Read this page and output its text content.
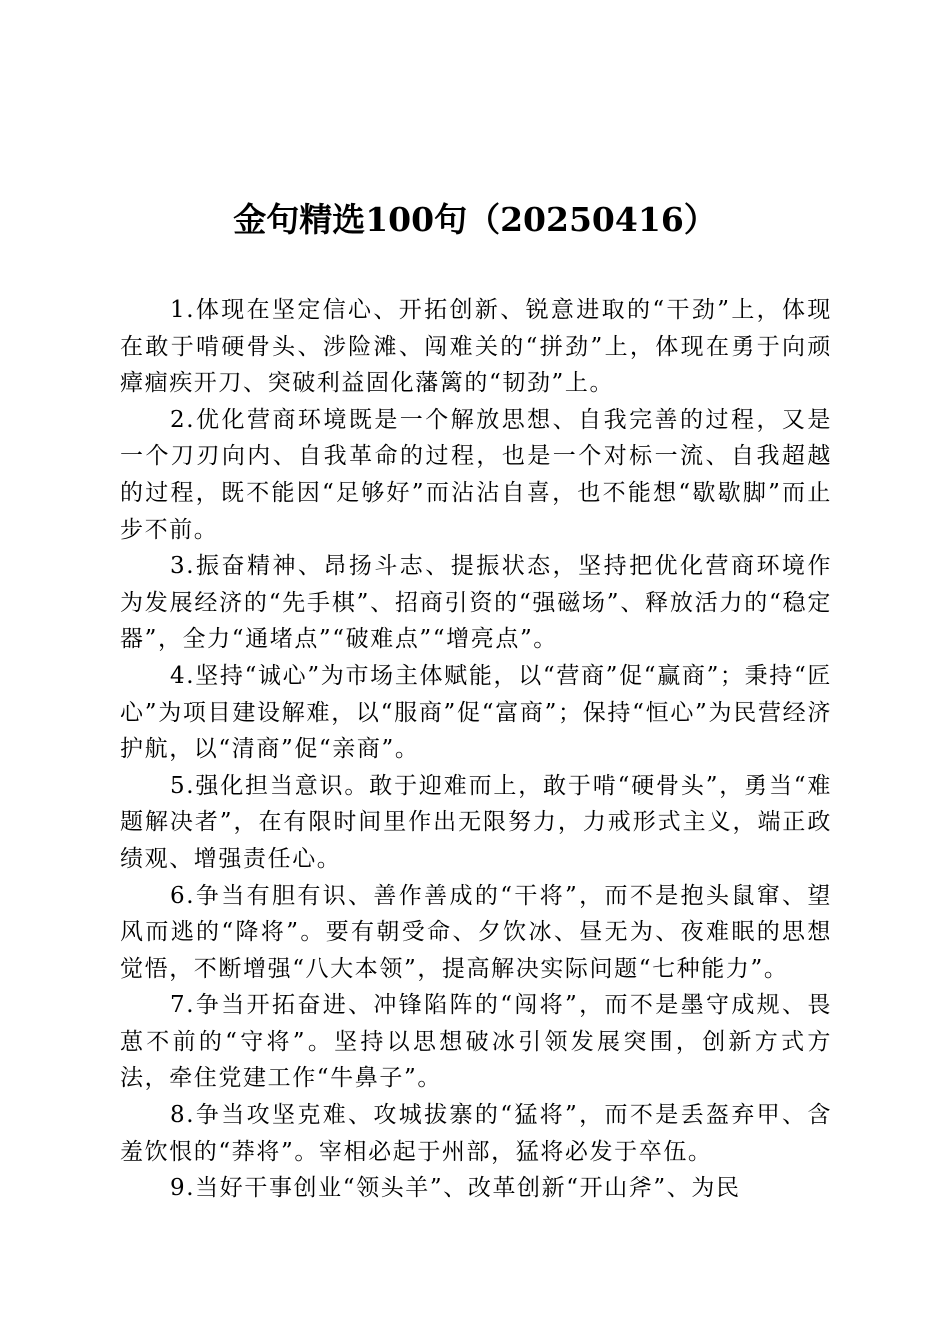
金句精选100句（20250416）

1.体现在坚定信心、开拓创新、锐意进取的“干劲”上，体现在敢于啃硬骨头、涉险滩、闯难关的“拼劲”上，体现在勇于向顽瘴痼疾开刀、突破利益固化藩篱的“韧劲”上。

2.优化营商环境既是一个解放思想、自我完善的过程，又是一个刀刃向内、自我革命的过程，也是一个对标一流、自我超越的过程，既不能因“足够好”而沾沾自喜，也不能想“歇歇脚”而止步不前。

3.振奋精神、昂扬斗志、提振状态，坚持把优化营商环境作为发展经济的“先手棋”、招商引资的“强磁场”、释放活力的“稳定器”，全力“通堵点”“破难点”“增亮点”。

4.坚持“诚心”为市场主体赋能，以“营商”促“赢商”；秉持“匠心”为项目建设解难，以“服商”促“富商”；保持“恒心”为民营经济护航，以“清商”促“亲商”。

5.强化担当意识。敢于迎难而上，敢于啃“硬骨头”，勇当“难题解决者”，在有限时间里作出无限努力，力戒形式主义，端正政绩观、增强责任心。

6.争当有胆有识、善作善成的“干将”，而不是抱头鼠窜、望风而逃的“降将”。要有朝受命、夕饮冰、昼无为、夜难眠的思想觉悟，不断增强“八大本领”，提高解决实际问题“七种能力”。

7.争当开拓奋进、冲锋陷阵的“闯将”，而不是墨守成规、畏葸不前的“守将”。坚持以思想破冰引领发展突围，创新方式方法，牵住党建工作“牛鼻子”。

8.争当攻坚克难、攻城拔寨的“猛将”，而不是丢盔弃甲、含羞饮恨的“莽将”。宰相必起于州部，猛将必发于卒伍。

9.当好干事创业“领头羊”、改革创新“开山斧”、为民
